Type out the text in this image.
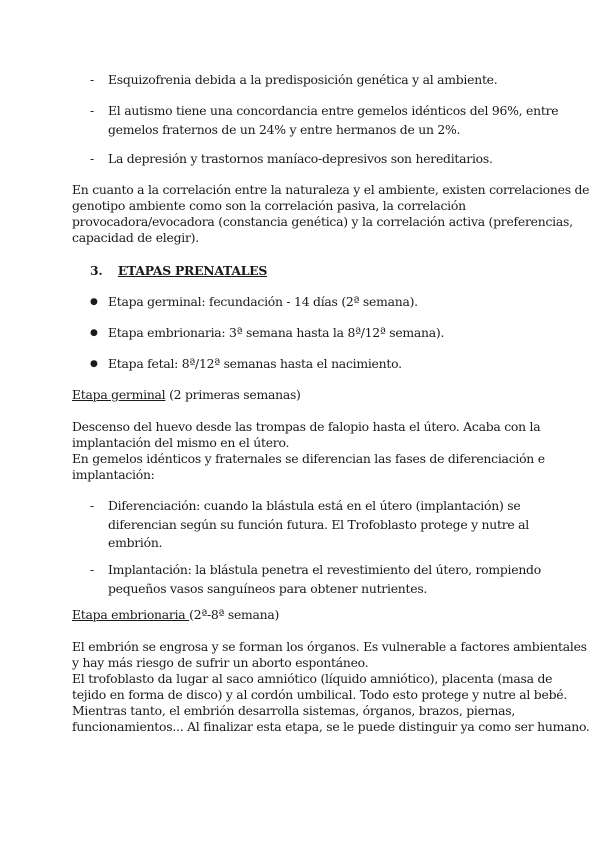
- Esquizofrenia debida a la predisposición genética y al ambiente.
- El autismo tiene una concordancia entre gemelos idénticos del 96%, entre
gemelos fraternos de un 24% y entre hermanos de un 2%.
- La depresión y trastornos maníaco-depresivos son hereditarios.
En cuanto a la correlación entre la naturaleza y el ambiente, existen correlaciones de
genotipo ambiente como son la correlación pasiva, la correlación
provocadora/evocadora (constancia genética) y la correlación activa (preferencias,
capacidad de elegir).
3. ETAPAS PRENATALES
● Etapa germinal: fecundación - 14 días (2ª semana).
● Etapa embrionaria: 3ª semana hasta la 8ª/12ª semana).
● Etapa fetal: 8ª/12ª semanas hasta el nacimiento.
Etapa germinal (2 primeras semanas)
Descenso del huevo desde las trompas de falopio hasta el útero. Acaba con la
implantación del mismo en el útero.
En gemelos idénticos y fraternales se diferencian las fases de diferenciación e
implantación:
- Diferenciación: cuando la blástula está en el útero (implantación) se
diferencian según su función futura. El Trofoblasto protege y nutre al
embrión.
- Implantación: la blástula penetra el revestimiento del útero, rompiendo
pequeños vasos sanguíneos para obtener nutrientes.
Etapa embrionaria (2ª-8ª semana)
El embrión se engrosa y se forman los órganos. Es vulnerable a factores ambientales
y hay más riesgo de sufrir un aborto espontáneo.
El trofoblasto da lugar al saco amniótico (líquido amniótico), placenta (masa de
tejido en forma de disco) y al cordón umbilical. Todo esto protege y nutre al bebé.
Mientras tanto, el embrión desarrolla sistemas, órganos, brazos, piernas,
funcionamientos... Al finalizar esta etapa, se le puede distinguir ya como ser humano.
